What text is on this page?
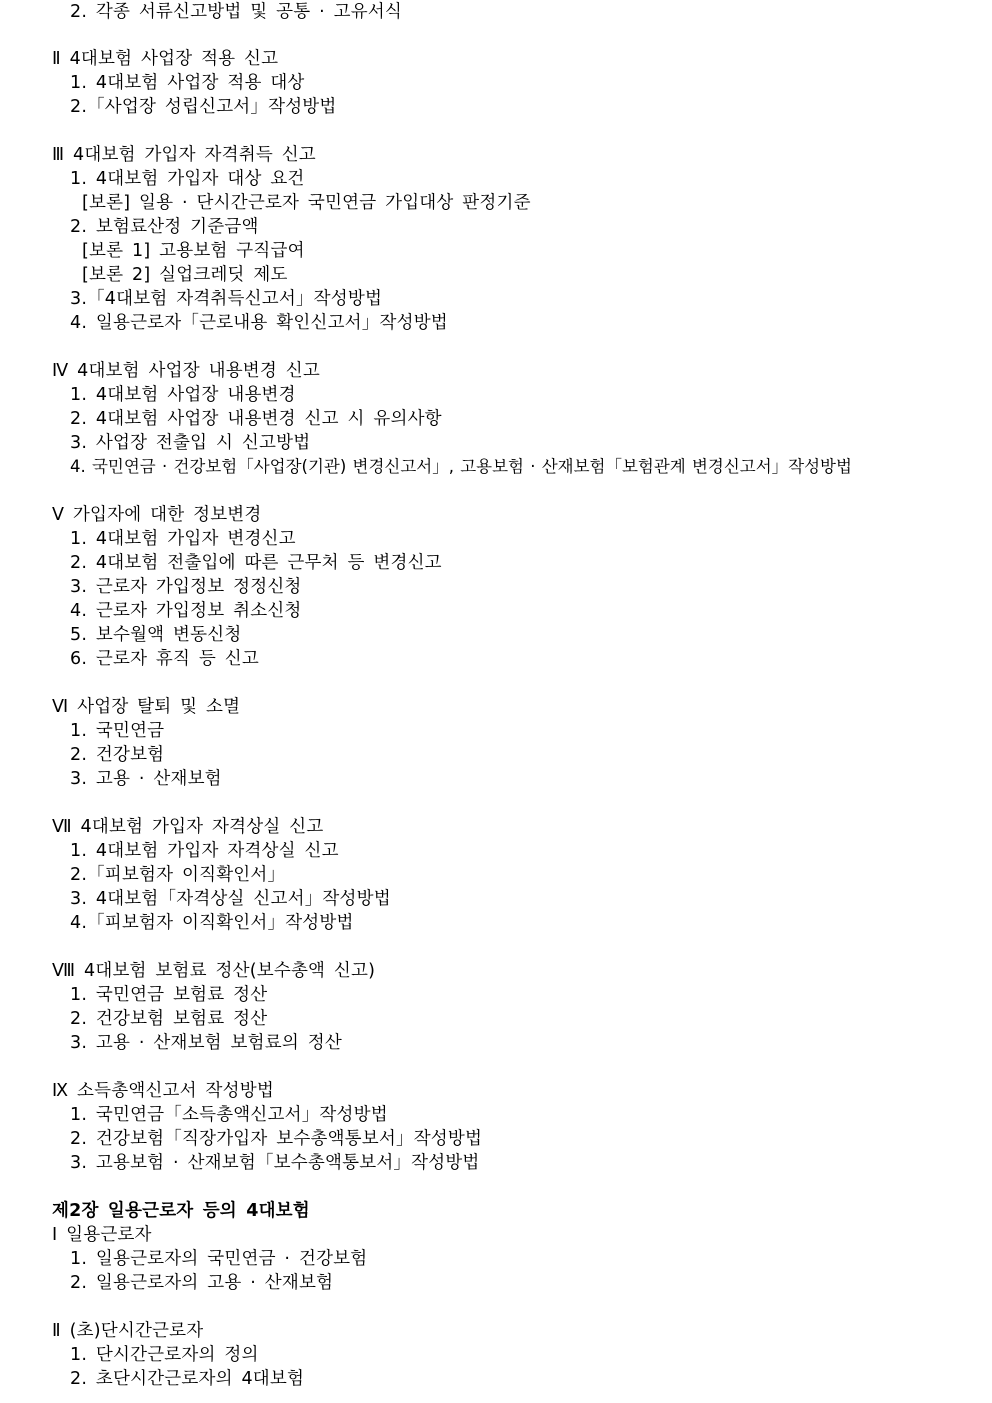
2. 각종 서류신고방법 및 공통 · 고유서식
Ⅱ 4대보험 사업장 적용 신고
1. 4대보험 사업장 적용 대상
2.「사업장 성립신고서」작성방법
Ⅲ 4대보험 가입자 자격취득 신고
1. 4대보험 가입자 대상 요건
[보론] 일용 · 단시간근로자 국민연금 가입대상 판정기준
2. 보험료산정 기준금액
[보론 1] 고용보험 구직급여
[보론 2] 실업크레딧 제도
3.「4대보험 자격취득신고서」작성방법
4. 일용근로자「근로내용 확인신고서」작성방법
Ⅳ 4대보험 사업장 내용변경 신고
1. 4대보험 사업장 내용변경
2. 4대보험 사업장 내용변경 신고 시 유의사항
3. 사업장 전출입 시 신고방법
4. 국민연금 · 건강보험「사업장(기관) 변경신고서」, 고용보험 · 산재보험「보험관계 변경신고서」작성방법
Ⅴ 가입자에 대한 정보변경
1. 4대보험 가입자 변경신고
2. 4대보험 전출입에 따른 근무처 등 변경신고
3. 근로자 가입정보 정정신청
4. 근로자 가입정보 취소신청
5. 보수월액 변동신청
6. 근로자 휴직 등 신고
Ⅵ 사업장 탈퇴 및 소멸
1. 국민연금
2. 건강보험
3. 고용 · 산재보험
Ⅶ 4대보험 가입자 자격상실 신고
1. 4대보험 가입자 자격상실 신고
2.「피보험자 이직확인서」
3. 4대보험「자격상실 신고서」작성방법
4.「피보험자 이직확인서」작성방법
Ⅷ 4대보험 보험료 정산(보수총액 신고)
1. 국민연금 보험료 정산
2. 건강보험 보험료 정산
3. 고용 · 산재보험 보험료의 정산
Ⅸ 소득총액신고서 작성방법
1. 국민연금「소득총액신고서」작성방법
2. 건강보험「직장가입자 보수총액통보서」작성방법
3. 고용보험 · 산재보험「보수총액통보서」작성방법
제2장 일용근로자 등의 4대보험
Ⅰ 일용근로자
1. 일용근로자의 국민연금 · 건강보험
2. 일용근로자의 고용 · 산재보험
Ⅱ (초)단시간근로자
1. 단시간근로자의 정의
2. 초단시간근로자의 4대보험
